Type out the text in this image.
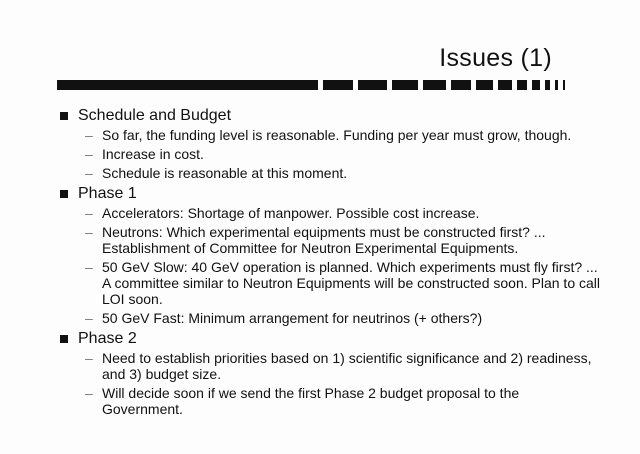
Issues (1)
Schedule and Budget
– So far, the funding level is reasonable. Funding per year must grow, though.
– Increase in cost.
– Schedule is reasonable at this moment.
Phase 1
– Accelerators: Shortage of manpower. Possible cost increase.
– Neutrons: Which experimental equipments must be constructed first? ... Establishment of Committee for Neutron Experimental Equipments.
– 50 GeV Slow: 40 GeV operation is planned. Which experiments must fly first? ... A committee similar to Neutron Equipments will be constructed soon. Plan to call LOI soon.
– 50 GeV Fast: Minimum arrangement for neutrinos (+ others?)
Phase 2
– Need to establish priorities based on 1) scientific significance and 2) readiness, and 3) budget size.
– Will decide soon if we send the first Phase 2 budget proposal to the Government.
